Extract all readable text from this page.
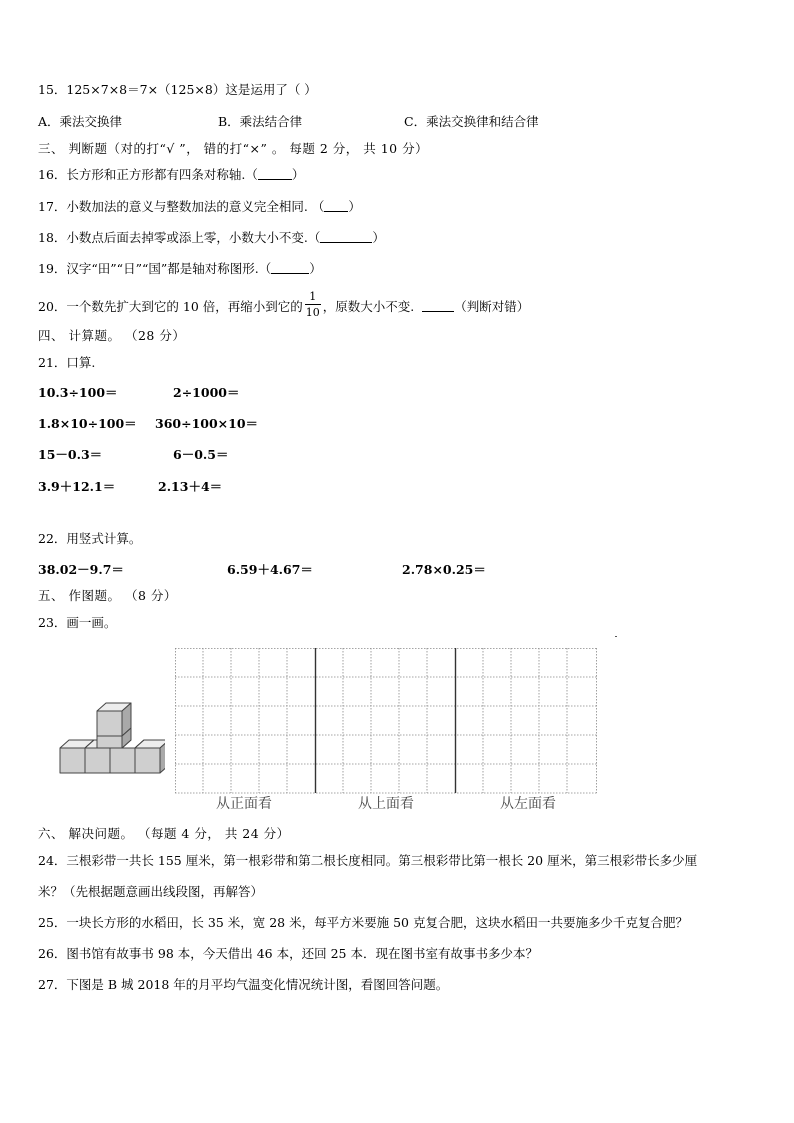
15．125×7×8＝7×（125×8）这是运用了（ ）
A．乘法交换律	B．乘法结合律	C．乘法交换律和结合律
三、 判断题（对的打“√ ”， 错的打“×” 。 每题 2 分， 共 10 分）
16．长方形和正方形都有四条对称轴.（	）
17．小数加法的意义与整数加法的意义完全相同. （ ）
18．小数点后面去掉零或添上零，小数大小不变.（	）
19．汉字“田”“日”“国”都是轴对称图形.（	）
20．一个数先扩大到它的 10 倍，再缩小到它的 $\frac{1}{10}$ ，原数大小不变.	（判断对错）
四、 计算题。 （28 分）
21．口算.
10.3÷100＝	2÷1000＝
1.8×10÷100＝ 360÷100×10＝
15－0.3＝	6－0.5＝
3.9＋12.1＝	2.13＋4＝
22．用竖式计算。
38.02－9.7＝	6.59＋4.67＝	2.78×0.25＝
五、 作图题。 （8 分）
23．画一画。
从正面看	从上面看	从左面看
六、 解决问题。 （每题 4 分， 共 24 分）
24．三根彩带一共长 155 厘米，第一根彩带和第二根长度相同。第三根彩带比第一根长 20 厘米，第三根彩带长多少厘
米？（先根据题意画出线段图，再解答）
25．一块长方形的水稻田，长 35 米，宽 28 米，每平方米要施 50 克复合肥，这块水稻田一共要施多少千克复合肥？
26．图书馆有故事书 98 本，今天借出 46 本，还回 25 本．现在图书室有故事书多少本？
27．下图是 B 城 2018 年的月平均气温变化情况统计图，看图回答问题。
